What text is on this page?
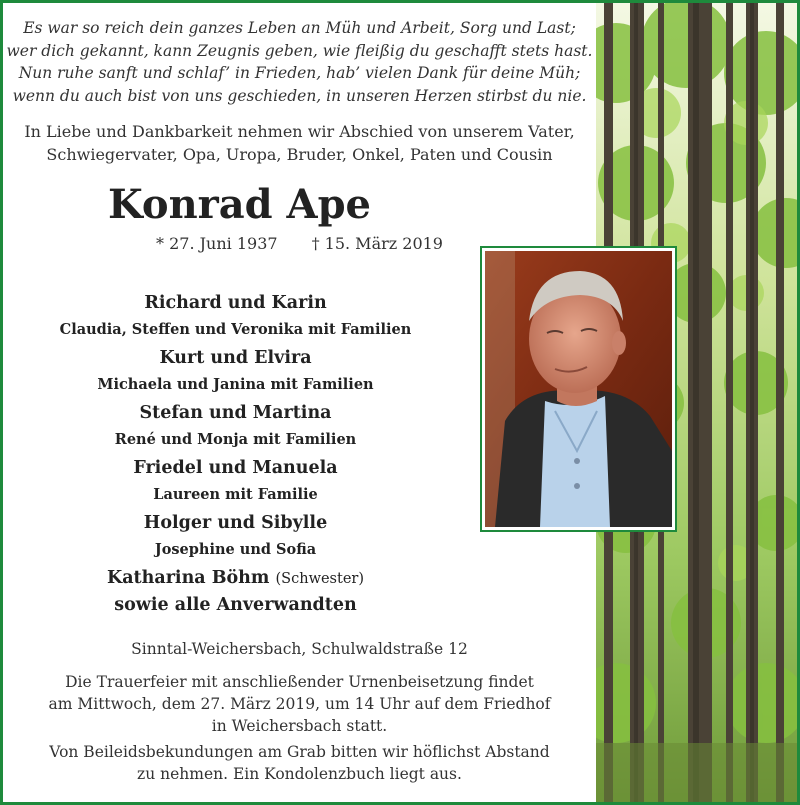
Es war so reich dein ganzes Leben an Müh und Arbeit, Sorg und Last;
wer dich gekannt, kann Zeugnis geben, wie fleißig du geschafft stets hast.
Nun ruhe sanft und schlaf’ in Frieden, hab’ vielen Dank für deine Müh;
wenn du auch bist von uns geschieden, in unseren Herzen stirbst du nie.
In Liebe und Dankbarkeit nehmen wir Abschied von unserem Vater,
Schwiegervater, Opa, Uropa, Bruder, Onkel, Paten und Cousin
Konrad Ape
* 27. Juni 1937 † 15. März 2019
Richard und Karin
Claudia, Steffen und Veronika mit Familien
Kurt und Elvira
Michaela und Janina mit Familien
Stefan und Martina
René und Monja mit Familien
Friedel und Manuela
Laureen mit Familie
Holger und Sibylle
Josephine und Sofia
Katharina Böhm (Schwester)
sowie alle Anverwandten
Sinntal-Weichersbach, Schulwaldstraße 12
Die Trauerfeier mit anschließender Urnenbeisetzung findet
am Mittwoch, dem 27. März 2019, um 14 Uhr auf dem Friedhof
in Weichersbach statt.
Von Beileidsbekundungen am Grab bitten wir höflichst Abstand
zu nehmen. Ein Kondolenzbuch liegt aus.
